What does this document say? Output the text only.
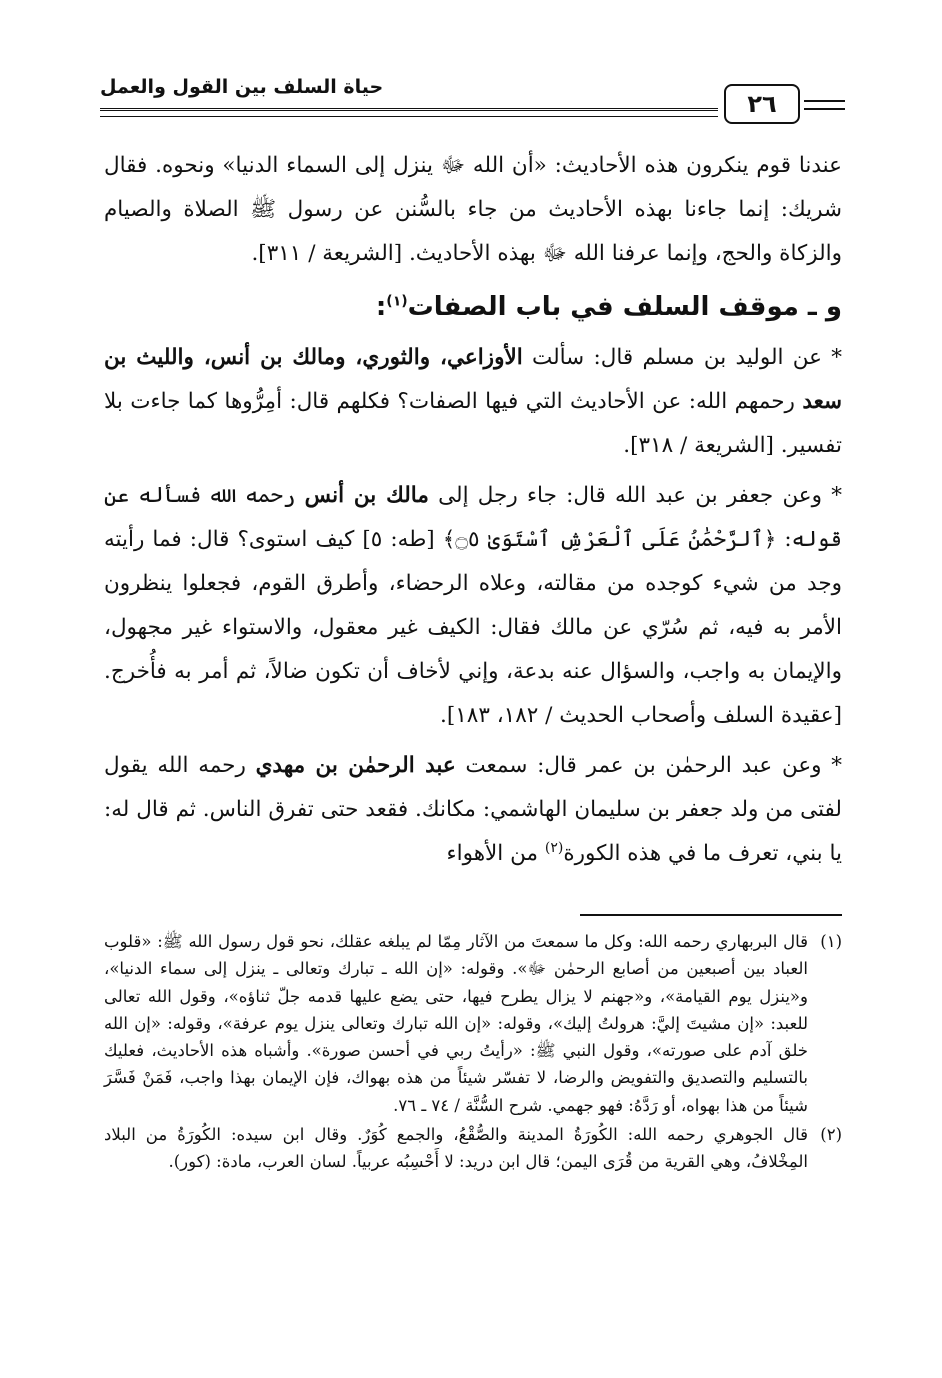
حياة السلف بين القول والعمل
٢٦

عندنا قوم ينكرون هذه الأحاديث: «أن الله ﷻ ينزل إلى السماء الدنيا» ونحوه. فقال شريك: إنما جاءنا بهذه الأحاديث من جاء بالسُّنن عن رسول ﷺ الصلاة والصيام والزكاة والحج، وإنما عرفنا الله ﷻ بهذه الأحاديث. [الشريعة / ٣١١].

و ـ موقف السلف في باب الصفات$^{(١)}$:

* عن الوليد بن مسلم قال: سألت الأوزاعي، والثوري، ومالك بن أنس، والليث بن سعد رحمهم الله: عن الأحاديث التي فيها الصفات؟ فكلهم قال: أمِرُّوها كما جاءت بلا تفسير. [الشريعة / ٣١٨].

* وعن جعفر بن عبد الله قال: جاء رجل إلى مالك بن أنس رحمه الله فسأله عن قوله: ﴿ٱلرَّحْمَٰنُ عَلَى ٱلْعَرْشِ ٱسْتَوَىٰ ۝٥﴾ [طه: ٥] كيف استوى؟ قال: فما رأيته وجد من شيء كوجده من مقالته، وعلاه الرحضاء، وأطرق القوم، فجعلوا ينظرون الأمر به فيه، ثم سُرّي عن مالك فقال: الكيف غير معقول، والاستواء غير مجهول، والإيمان به واجب، والسؤال عنه بدعة، وإني لأخاف أن تكون ضالاً، ثم أمر به فأُخرج. [عقيدة السلف وأصحاب الحديث / ١٨٢، ١٨٣].

* وعن عبد الرحمٰن بن عمر قال: سمعت عبد الرحمٰن بن مهدي رحمه الله يقول لفتى من ولد جعفر بن سليمان الهاشمي: مكانك. فقعد حتى تفرق الناس. ثم قال له: يا بني، تعرف ما في هذه الكورة$^{(٢)}$ من الأهواء

(١)
قال البربهاري رحمه الله: وكل ما سمعتَ من الآثار مِمّا لم يبلغه عقلك، نحو قول رسول الله ﷺ: «قلوب العباد بين أصبعين من أصابع الرحمٰن ﷻ». وقوله: «إن الله ـ تبارك وتعالى ـ ينزل إلى سماء الدنيا»، و«ينزل يوم القيامة»، و«جهنم لا يزال يطرح فيها، حتى يضع عليها قدمه جلّ ثناؤه»، وقول الله تعالى للعبد: «إن مشيتَ إليَّ: هرولتُ إليك»، وقوله: «إن الله تبارك وتعالى ينزل يوم عرفة»، وقوله: «إن الله خلق آدم على صورته»، وقول النبي ﷺ: «رأيتُ ربي في أحسن صورة». وأشباه هذه الأحاديث، فعليك بالتسليم والتصديق والتفويض والرضا، لا تفسّر شيئاً من هذه بهواك، فإن الإيمان بهذا واجب، فَمَنْ فَسَّرَ شيئاً من هذا بهواه، أو رَدَّهُ: فهو جهمي. شرح السُّنَّة / ٧٤ ـ ٧٦.
(٢)
قال الجوهري رحمه الله: الكُورَةُ المدينة والصُّقْعُ، والجمع كُوَرٌ. وقال ابن سيده: الكُورَةُ من البلاد المِخْلافُ، وهي القرية من قُرَى اليمن؛ قال ابن دريد: لا أَحْسِبُه عربياً. لسان العرب، مادة: (كور).
